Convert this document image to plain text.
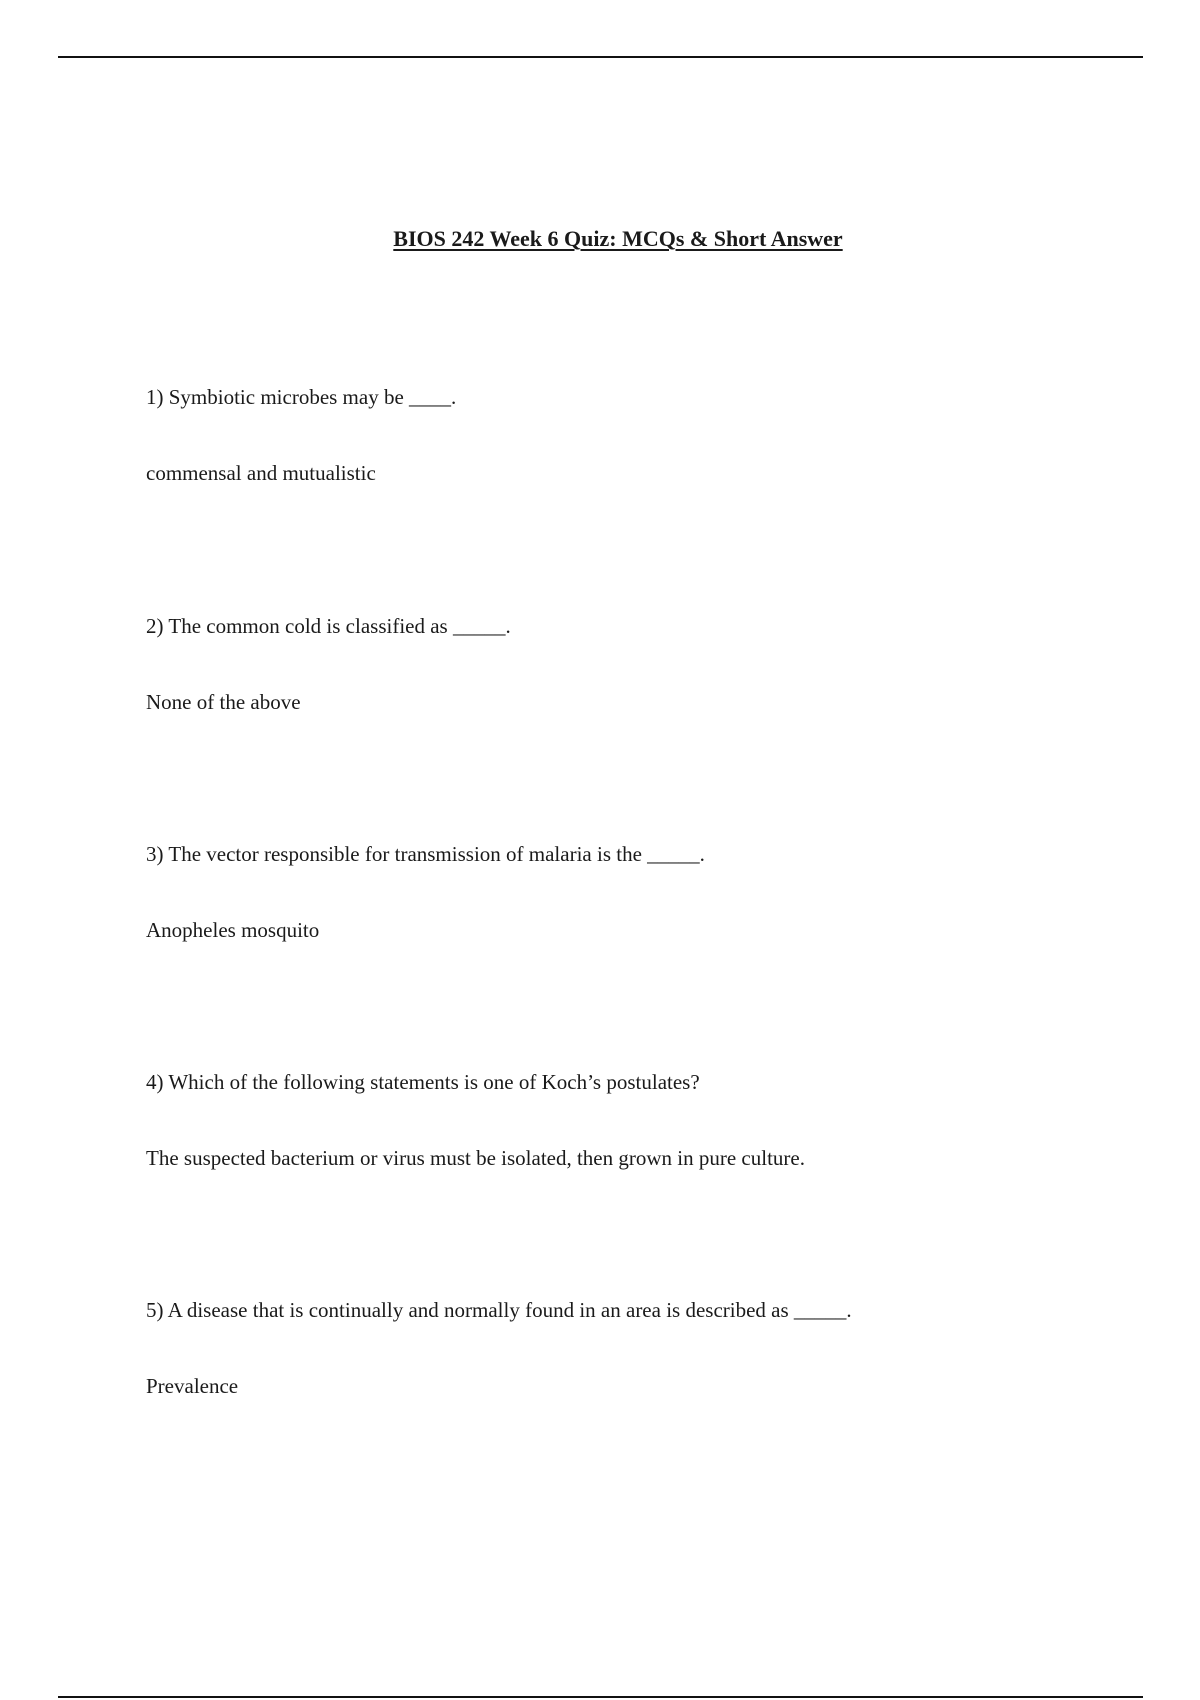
BIOS 242 Week 6 Quiz: MCQs & Short Answer
1) Symbiotic microbes may be ____.
commensal and mutualistic
2) The common cold is classified as _____.
None of the above
3) The vector responsible for transmission of malaria is the _____.
Anopheles mosquito
4) Which of the following statements is one of Koch’s postulates?
The suspected bacterium or virus must be isolated, then grown in pure culture.
5) A disease that is continually and normally found in an area is described as _____.
Prevalence
